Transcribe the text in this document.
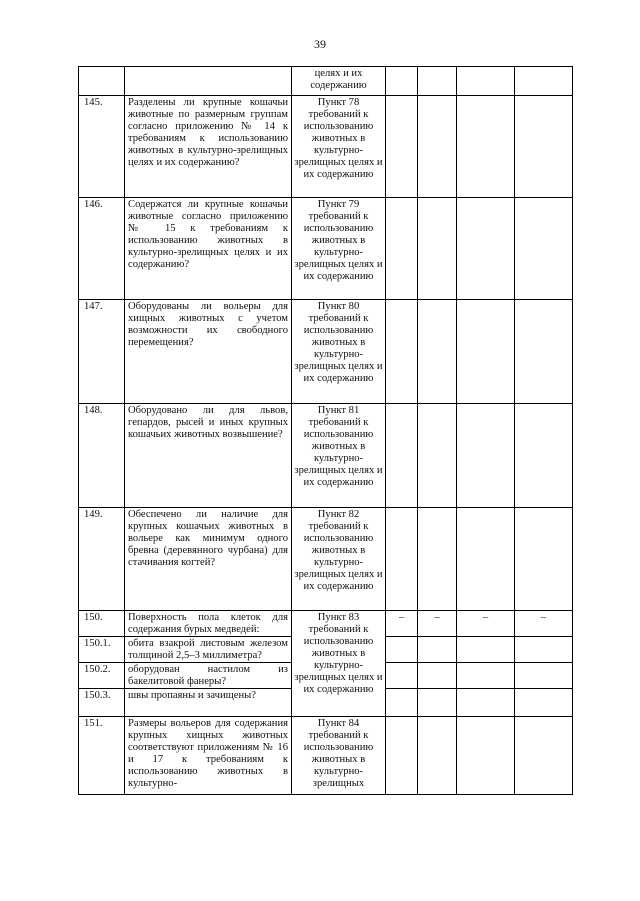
39
		целях и их содержанию				
145.	Разделены ли крупные кошачьи животные по размерным группам согласно приложению № 14 к требованиям к использованию животных в культурно-зрелищных целях и их содержанию?	Пункт 78 требований к использованию животных в культурно-зрелищных целях и их содержанию				
146.	Содержатся ли крупные кошачьи животные согласно приложению № 15 к требованиям к использованию животных в культурно-зрелищных целях и их содержанию?	Пункт 79 требований к использованию животных в культурно-зрелищных целях и их содержанию				
147.	Оборудованы ли вольеры для хищных животных с учетом возможности их свободного перемещения?	Пункт 80 требований к использованию животных в культурно-зрелищных целях и их содержанию				
148.	Оборудовано ли для львов, гепардов, рысей и иных крупных кошачьих животных возвышение?	Пункт 81 требований к использованию животных в культурно-зрелищных целях и их содержанию				
149.	Обеспечено ли наличие для крупных кошачьих животных в вольере как минимум одного бревна (деревянного чурбана) для стачивания когтей?	Пункт 82 требований к использованию животных в культурно-зрелищных целях и их содержанию				
150.	Поверхность пола клеток для содержания бурых медведей:	Пункт 83 требований к использованию животных в культурно-зрелищных целях и их содержанию	–	–	–	–
150.1.	обита взакрой листовым железом толщиной 2,5–3 миллиметра?					
150.2.	оборудован настилом из бакелитовой фанеры?					
150.3.	швы пропаяны и зачищены?					
151.	Размеры вольеров для содержания крупных хищных животных соответствуют приложениям № 16 и 17 к требованиям к использованию животных в культурно-	Пункт 84 требований к использованию животных в культурно-зрелищных				
